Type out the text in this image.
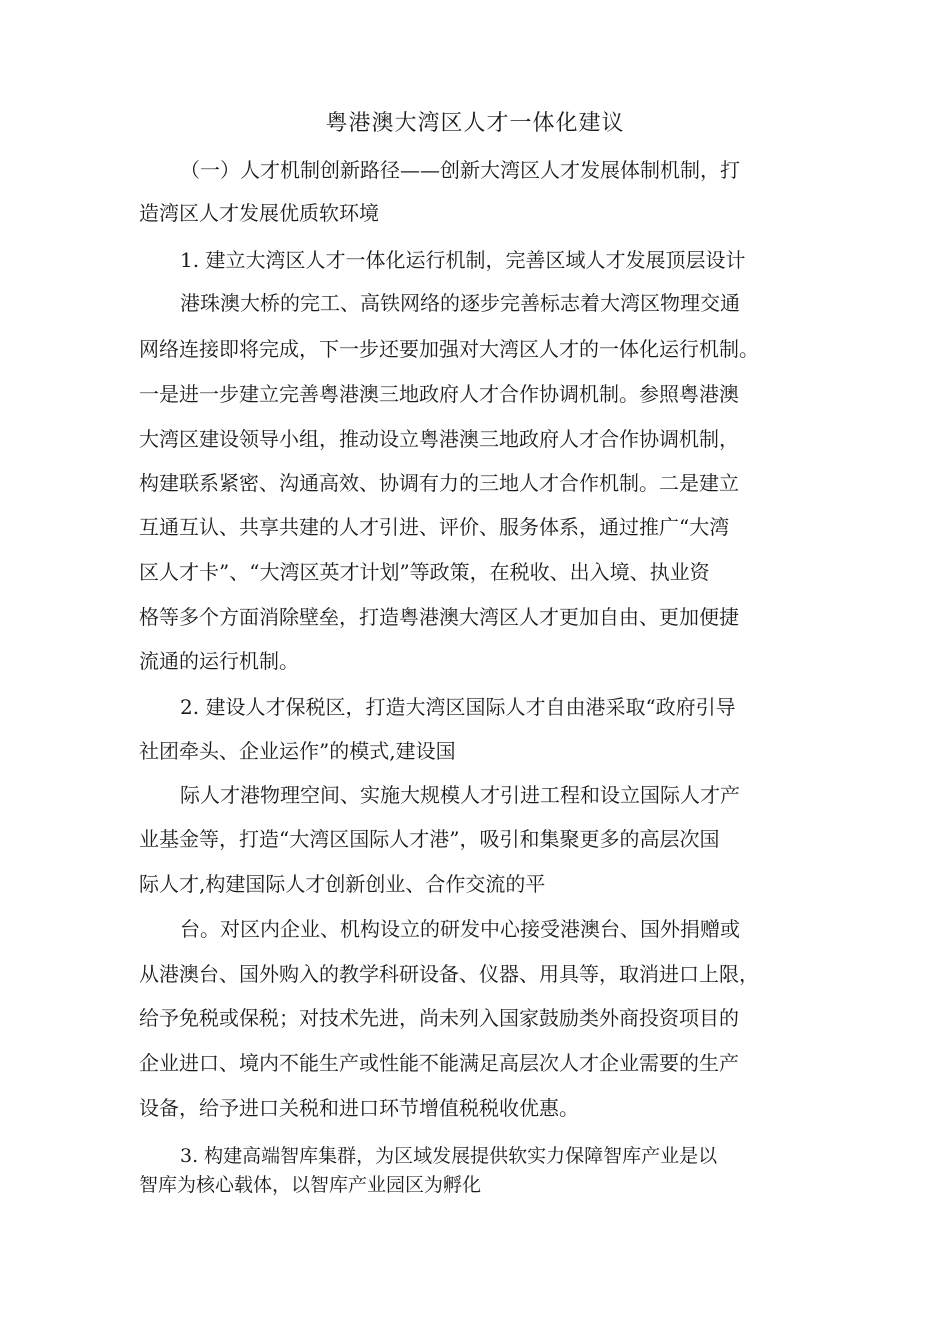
粤港澳大湾区人才一体化建议

（一）人才机制创新路径——创新大湾区人才发展体制机制，打

造湾区人才发展优质软环境

1. 建立大湾区人才一体化运行机制，完善区域人才发展顶层设计

港珠澳大桥的完工、高铁网络的逐步完善标志着大湾区物理交通

网络连接即将完成，下一步还要加强对大湾区人才的一体化运行机制。

一是进一步建立完善粤港澳三地政府人才合作协调机制。参照粤港澳

大湾区建设领导小组，推动设立粤港澳三地政府人才合作协调机制，

构建联系紧密、沟通高效、协调有力的三地人才合作机制。二是建立

互通互认、共享共建的人才引进、评价、服务体系，通过推广“大湾

区人才卡”、“大湾区英才计划”等政策，在税收、出入境、执业资

格等多个方面消除壁垒，打造粤港澳大湾区人才更加自由、更加便捷

流通的运行机制。

2. 建设人才保税区，打造大湾区国际人才自由港采取“政府引导

社团牵头、企业运作”的模式,建设国

际人才港物理空间、实施大规模人才引进工程和设立国际人才产

业基金等，打造“大湾区国际人才港”，吸引和集聚更多的高层次国

际人才,构建国际人才创新创业、合作交流的平

台。对区内企业、机构设立的研发中心接受港澳台、国外捐赠或

从港澳台、国外购入的教学科研设备、仪器、用具等，取消进口上限，

给予免税或保税；对技术先进，尚未列入国家鼓励类外商投资项目的

企业进口、境内不能生产或性能不能满足高层次人才企业需要的生产

设备，给予进口关税和进口环节增值税税收优惠。

3. 构建高端智库集群，为区域发展提供软实力保障智库产业是以

智库为核心载体，以智库产业园区为孵化
